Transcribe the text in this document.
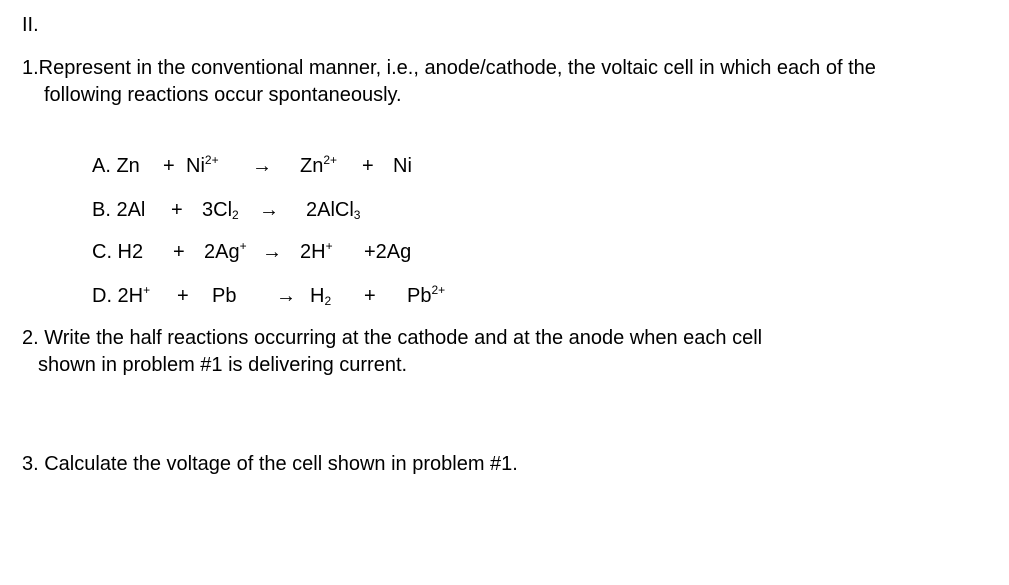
II.
1.Represent in the conventional manner, i.e., anode/cathode, the voltaic cell in which each of the
following reactions occur spontaneously.
A. $Zn + Ni^{2+} \to Zn^{2+} + Ni$
B. $2Al + 3Cl_2$ → 2AlCl$_3$
C. H2 + 2Ag+ → 2H+ +2Ag
D. $2H^+ + Pb \to H_2 + Pb^{2+}$
2. Write the half reactions occurring at the cathode and at the anode when each cell
shown in problem #1 is delivering current.
3. Calculate the voltage of the cell shown in problem #1.
